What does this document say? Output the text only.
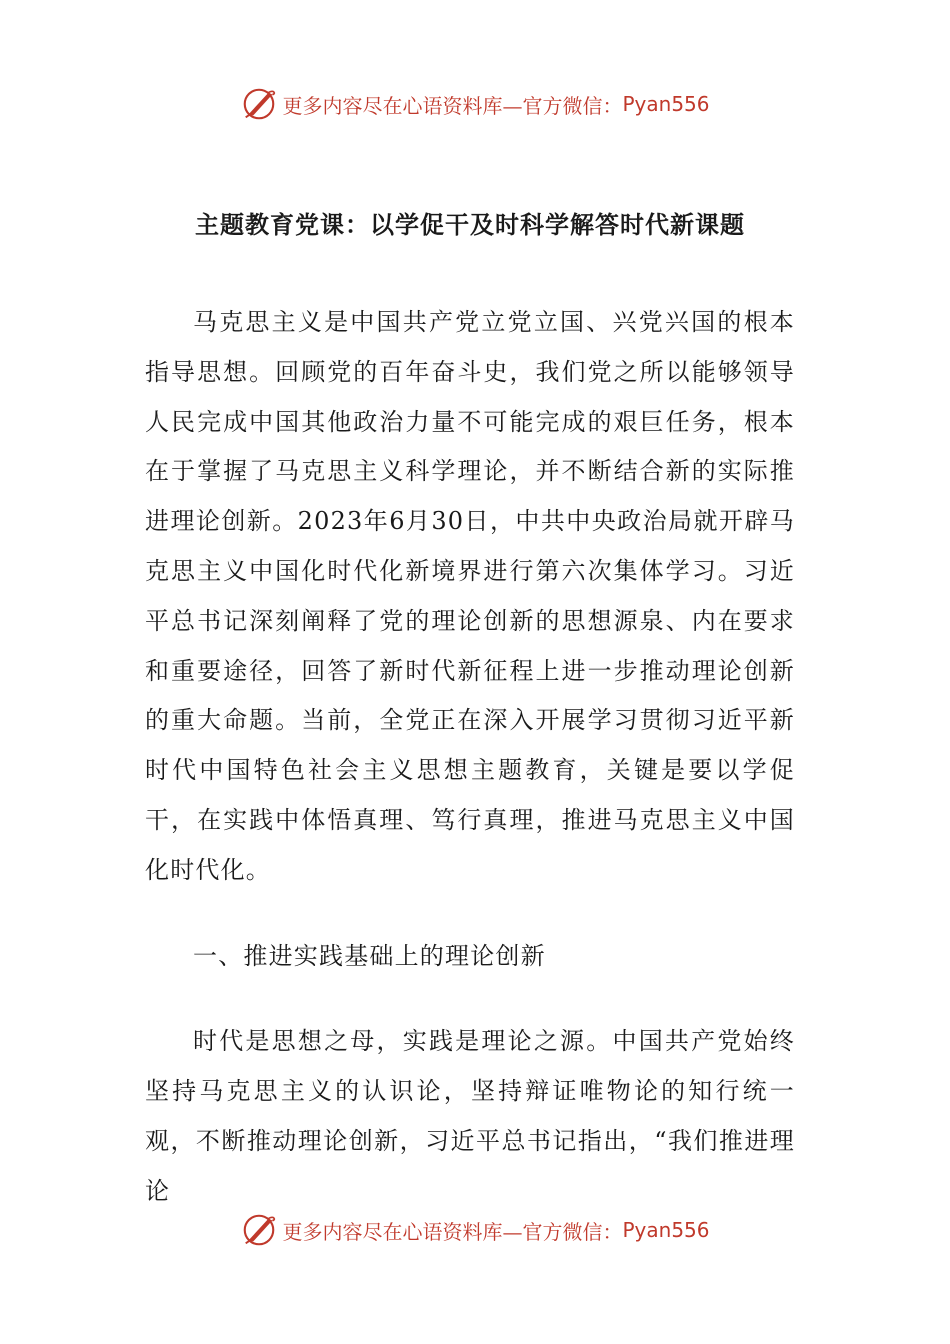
更多内容尽在心语资料库—官方微信： Pyan556
主题教育党课：以学促干及时科学解答时代新课题

马克思主义是中国共产党立党立国、兴党兴国的根本指导思想。回顾党的百年奋斗史，我们党之所以能够领导人民完成中国其他政治力量不可能完成的艰巨任务，根本在于掌握了马克思主义科学理论，并不断结合新的实际推进理论创新。2023年6月30日，中共中央政治局就开辟马克思主义中国化时代化新境界进行第六次集体学习。习近平总书记深刻阐释了党的理论创新的思想源泉、内在要求和重要途径，回答了新时代新征程上进一步推动理论创新的重大命题。当前，全党正在深入开展学习贯彻习近平新时代中国特色社会主义思想主题教育，关键是要以学促干，在实践中体悟真理、笃行真理，推进马克思主义中国化时代化。

一、推进实践基础上的理论创新

时代是思想之母，实践是理论之源。中国共产党始终坚持马克思主义的认识论，坚持辩证唯物论的知行统一观，不断推动理论创新，习近平总书记指出，“我们推进理论

更多内容尽在心语资料库—官方微信： Pyan556
